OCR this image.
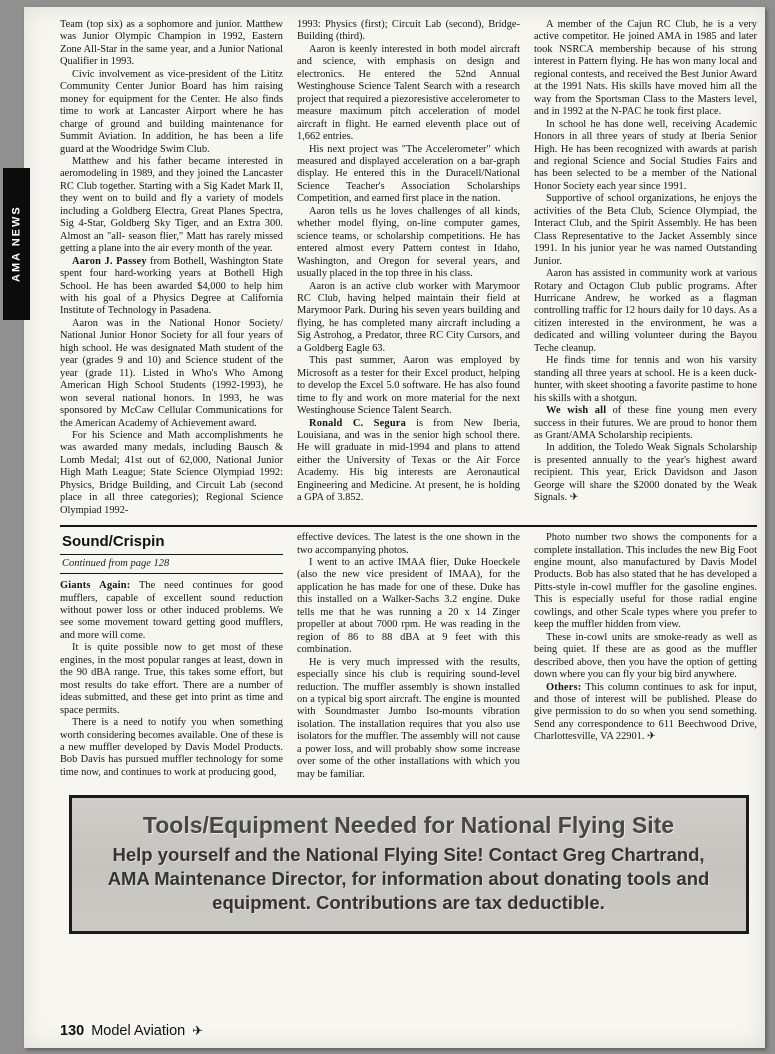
Team (top six) as a sophomore and junior. Matthew was Junior Olympic Champion in 1992, Eastern Zone All-Star in the same year, and a Junior National Qualifier in 1993.

Civic involvement as vice-president of the Lititz Community Center Junior Board has him raising money for equipment for the Center. He also finds time to work at Lancaster Airport where he has charge of ground and building maintenance for Summit Aviation. In addition, he has been a life guard at the Woodridge Swim Club.

Matthew and his father became interested in aeromodeling in 1989, and they joined the Lancaster RC Club together. Starting with a Sig Kadet Mark II, they went on to build and fly a variety of models including a Goldberg Electra, Great Planes Spectra, Sig 4-Star, Goldberg Sky Tiger, and an Extra 300. Almost an "all- season flier," Matt has rarely missed getting a plane into the air every month of the year.

Aaron J. Passey from Bothell, Washington State spent four hard-working years at Bothell High School. He has been awarded $4,000 to help him with his goal of a Physics Degree at California Institute of Technology in Pasadena.

Aaron was in the National Honor Society/ National Junior Honor Society for all four years of high school. He was designated Math student of the year (grades 9 and 10) and Science student of the year (grade 11). Listed in Who's Who Among American High School Students (1992-1993), he won several national honors. In 1993, he was sponsored by McCaw Cellular Communications for the American Academy of Achievement award.

For his Science and Math accomplishments he was awarded many medals, including Bausch & Lomb Medal; 41st out of 62,000, National Junior High Math League; State Science Olympiad 1992: Physics, Bridge Building, and Circuit Lab (second place in all three categories); Regional Science Olympiad 1992-

1993: Physics (first); Circuit Lab (second), Bridge-Building (third).

Aaron is keenly interested in both model aircraft and science, with emphasis on design and electronics. He entered the 52nd Annual Westinghouse Science Talent Search with a research project that required a piezoresistive accelerometer to measure maximum pitch acceleration of model aircraft in flight. He earned eleventh place out of 1,662 entries.

His next project was "The Accelerometer" which measured and displayed acceleration on a bar-graph display. He entered this in the Duracell/National Science Teacher's Association Scholarships Competition, and earned first place in the nation.

Aaron tells us he loves challenges of all kinds, whether model flying, on-line computer games, science teams, or scholarship competitions. He has entered almost every Pattern contest in Idaho, Washington, and Oregon for several years, and usually placed in the top three in his class.

Aaron is an active club worker with Marymoor RC Club, having helped maintain their field at Marymoor Park. During his seven years building and flying, he has completed many aircraft including a Sig Astrohog, a Predator, three RC City Cursors, and a Goldberg Eagle 63.

This past summer, Aaron was employed by Microsoft as a tester for their Excel product, helping to develop the Excel 5.0 software. He has also found time to fly and work on more material for the next Westinghouse Science Talent Search.

Ronald C. Segura is from New Iberia, Louisiana, and was in the senior high school there. He will graduate in mid-1994 and plans to attend either the University of Texas or the Air Force Academy. His big interests are Aeronautical Engineering and Medicine. At present, he is holding a GPA of 3.852.

A member of the Cajun RC Club, he is a very active competitor. He joined AMA in 1985 and later took NSRCA membership because of his strong interest in Pattern flying. He has won many local and regional contests, and received the Best Junior Award at the 1991 Nats. His skills have moved him all the way from the Sportsman Class to the Masters level, and in 1992 at the N-PAC he took first place.

In school he has done well, receiving Academic Honors in all three years of study at Iberia Senior High. He has been recognized with awards at parish and regional Science and Social Studies Fairs and has been selected to be a member of the National Honor Society each year since 1991.

Supportive of school organizations, he enjoys the activities of the Beta Club, Science Olympiad, the Interact Club, and the Spirit Assembly. He has been Class Representative to the Jacket Assembly since 1991. In his junior year he was named Outstanding Junior.

Aaron has assisted in community work at various Rotary and Octagon Club public programs. After Hurricane Andrew, he worked as a flagman controlling traffic for 12 hours daily for 10 days. As a citizen interested in the environment, he was a dedicated and willing volunteer during the Bayou Teche cleanup.

He finds time for tennis and won his varsity standing all three years at school. He is a keen duck-hunter, with skeet shooting a favorite pastime to hone his skills with a shotgun.

We wish all of these fine young men every success in their futures. We are proud to honor them as Grant/AMA Scholarship recipients.

In addition, the Toledo Weak Signals Scholarship is presented annually to the year's highest award recipient. This year, Erick Davidson and Jason George will share the $2000 donated by the Weak Signals. ✈

Sound/Crispin
Continued from page 128

Giants Again: The need continues for good mufflers, capable of excellent sound reduction without power loss or other induced problems. We see some movement toward getting good mufflers, and more will come.

It is quite possible now to get most of these engines, in the most popular ranges at least, down in the 90 dBA range. True, this takes some effort, but most results do take effort. There are a number of ideas submitted, and these get into print as time and space permits.

There is a need to notify you when something worth considering becomes available. One of these is a new muffler developed by Davis Model Products. Bob Davis has pursued muffler technology for some time now, and continues to work at producing good,

effective devices. The latest is the one shown in the two accompanying photos.

I went to an active IMAA flier, Duke Hoeckele (also the new vice president of IMAA), for the application he has made for one of these. Duke has this installed on a Walker-Sachs 3.2 engine. Duke tells me that he was running a 20 x 14 Zinger propeller at about 7000 rpm. He was reading in the region of 86 to 88 dBA at 9 feet with this combination.

He is very much impressed with the results, especially since his club is requiring sound-level reduction. The muffler assembly is shown installed on a typical big sport aircraft. The engine is mounted with Soundmaster Jumbo Iso-mounts vibration isolation. The installation requires that you also use isolators for the muffler. The assembly will not cause a power loss, and will probably show some increase over some of the other installations with which you may be familiar.

Photo number two shows the components for a complete installation. This includes the new Big Foot engine mount, also manufactured by Davis Model Products. Bob has also stated that he has developed a Pitts-style in-cowl muffler for the gasoline engines. This is especially useful for those radial engine cowlings, and other Scale types where you prefer to keep the muffler hidden from view.

These in-cowl units are smoke-ready as well as being quiet. If these are as good as the muffler described above, then you have the option of getting down where you can fly your big bird anywhere.

Others: This column continues to ask for input, and those of interest will be published. Please do give permission to do so when you send something. Send any correspondence to 611 Beechwood Drive, Charlottesville, VA 22901. ✈

Tools/Equipment Needed for National Flying Site
Help yourself and the National Flying Site! Contact Greg Chartrand, AMA Maintenance Director, for information about donating tools and equipment. Contributions are tax deductible.
130 Model Aviation ✈
AMA NEWS
